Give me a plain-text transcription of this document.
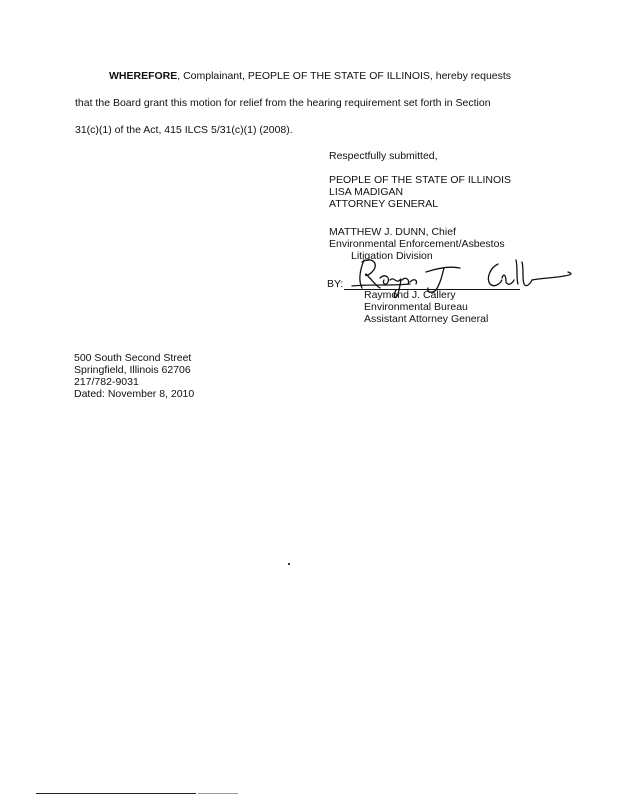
WHEREFORE, Complainant, PEOPLE OF THE STATE OF ILLINOIS, hereby requests
that the Board grant this motion for relief from the hearing requirement set forth in Section
31(c)(1) of the Act, 415 ILCS 5/31(c)(1) (2008).
Respectfully submitted,
PEOPLE OF THE STATE OF ILLINOIS
LISA MADIGAN
ATTORNEY GENERAL
MATTHEW J. DUNN, Chief
Environmental Enforcement/Asbestos
Litigation Division
BY:
Raymond J. Callery
Environmental Bureau
Assistant Attorney General
500 South Second Street
Springfield, Illinois 62706
217/782-9031
Dated: November 8, 2010
